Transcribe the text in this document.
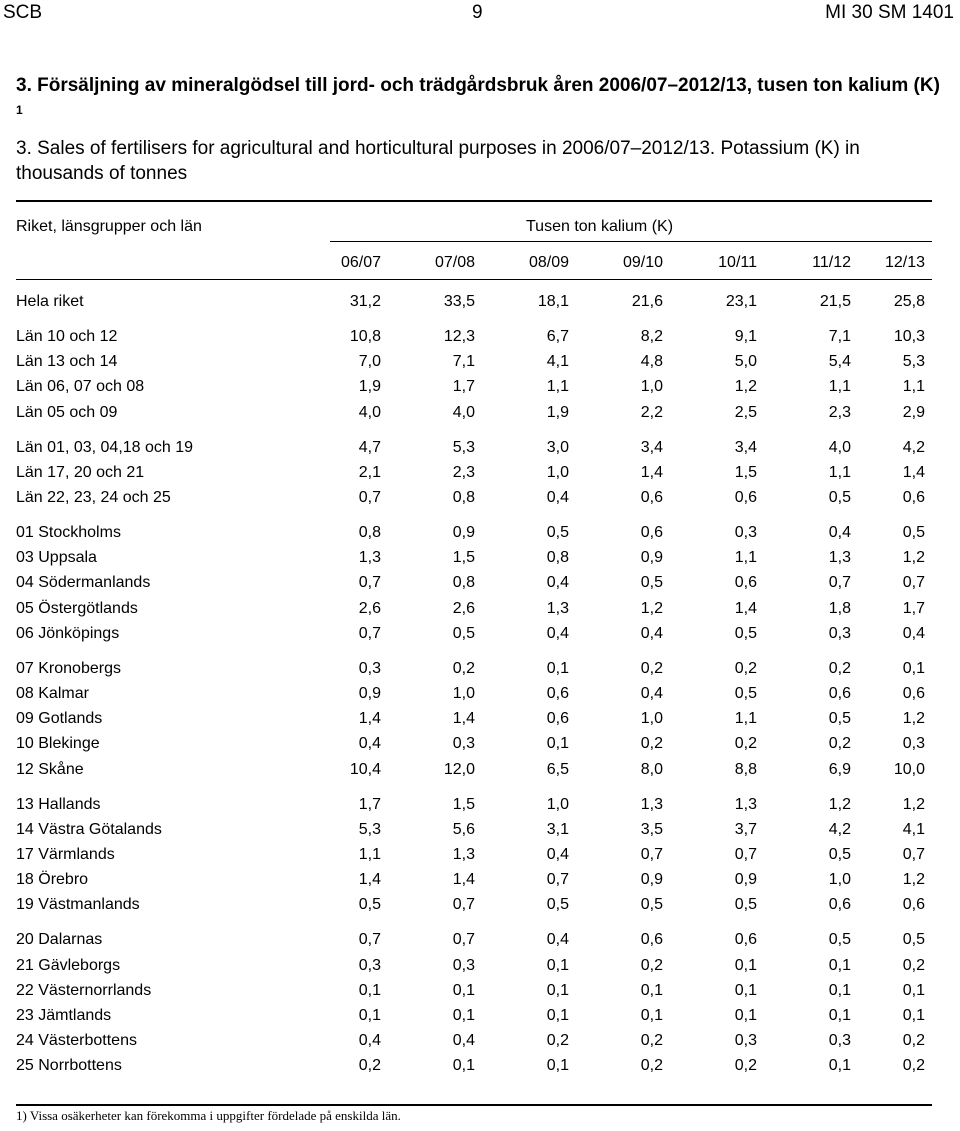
SCB	9	MI 30 SM 1401
3. Försäljning av mineralgödsel till jord- och trädgårdsbruk åren 2006/07–2012/13, tusen ton kalium (K) $^1$
3. Sales of fertilisers for agricultural and horticultural purposes in 2006/07–2012/13. Potassium (K) in thousands of tonnes
Riket, länsgrupper och län	Tusen ton kalium (K)
06/07	07/08	08/09	09/10	10/11	11/12	12/13
Hela riket	31,2	33,5	18,1	21,6	23,1	21,5	25,8
Län 10 och 12	10,8	12,3	6,7	8,2	9,1	7,1	10,3
Län 13 och 14	7,0	7,1	4,1	4,8	5,0	5,4	5,3
Län 06, 07 och 08	1,9	1,7	1,1	1,0	1,2	1,1	1,1
Län 05 och 09	4,0	4,0	1,9	2,2	2,5	2,3	2,9
Län 01, 03, 04,18 och 19	4,7	5,3	3,0	3,4	3,4	4,0	4,2
Län 17, 20 och 21	2,1	2,3	1,0	1,4	1,5	1,1	1,4
Län 22, 23, 24 och 25	0,7	0,8	0,4	0,6	0,6	0,5	0,6
01 Stockholms	0,8	0,9	0,5	0,6	0,3	0,4	0,5
03 Uppsala	1,3	1,5	0,8	0,9	1,1	1,3	1,2
04 Södermanlands	0,7	0,8	0,4	0,5	0,6	0,7	0,7
05 Östergötlands	2,6	2,6	1,3	1,2	1,4	1,8	1,7
06 Jönköpings	0,7	0,5	0,4	0,4	0,5	0,3	0,4
07 Kronobergs	0,3	0,2	0,1	0,2	0,2	0,2	0,1
08 Kalmar	0,9	1,0	0,6	0,4	0,5	0,6	0,6
09 Gotlands	1,4	1,4	0,6	1,0	1,1	0,5	1,2
10 Blekinge	0,4	0,3	0,1	0,2	0,2	0,2	0,3
12 Skåne	10,4	12,0	6,5	8,0	8,8	6,9	10,0
13 Hallands	1,7	1,5	1,0	1,3	1,3	1,2	1,2
14 Västra Götalands	5,3	5,6	3,1	3,5	3,7	4,2	4,1
17 Värmlands	1,1	1,3	0,4	0,7	0,7	0,5	0,7
18 Örebro	1,4	1,4	0,7	0,9	0,9	1,0	1,2
19 Västmanlands	0,5	0,7	0,5	0,5	0,5	0,6	0,6
20 Dalarnas	0,7	0,7	0,4	0,6	0,6	0,5	0,5
21 Gävleborgs	0,3	0,3	0,1	0,2	0,1	0,1	0,2
22 Västernorrlands	0,1	0,1	0,1	0,1	0,1	0,1	0,1
23 Jämtlands	0,1	0,1	0,1	0,1	0,1	0,1	0,1
24 Västerbottens	0,4	0,4	0,2	0,2	0,3	0,3	0,2
25 Norrbottens	0,2	0,1	0,1	0,2	0,2	0,1	0,2
1) Vissa osäkerheter kan förekomma i uppgifter fördelade på enskilda län.
